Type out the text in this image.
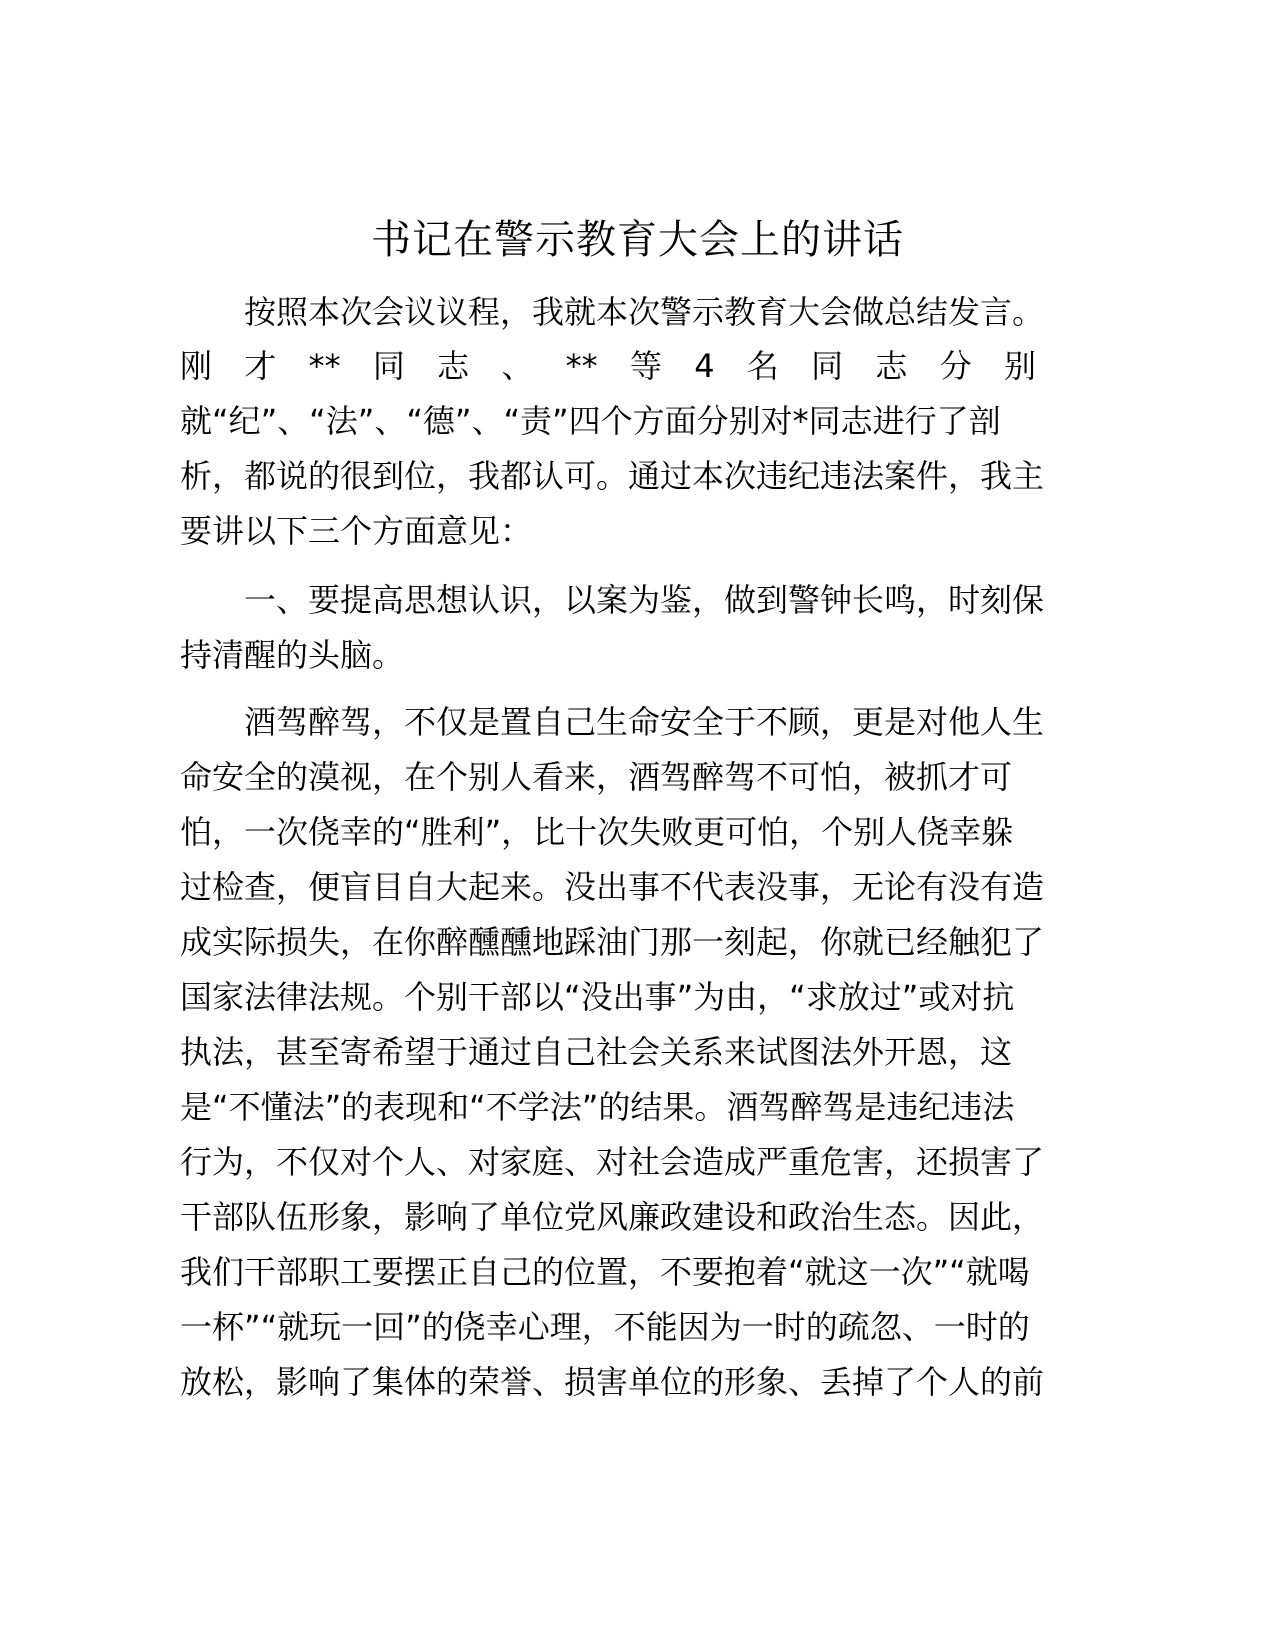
书记在警示教育大会上的讲话
按照本次会议议程，我就本次警示教育大会做总结发言。
刚 才 ** 同 志 、 ** 等 4 名 同 志 分 别
就“纪”、“法”、“德”、“责”四个方面分别对*同志进行了剖
析，都说的很到位，我都认可。通过本次违纪违法案件，我主
要讲以下三个方面意见：
一、要提高思想认识，以案为鉴，做到警钟长鸣，时刻保
持清醒的头脑。
酒驾醉驾，不仅是置自己生命安全于不顾，更是对他人生
命安全的漠视，在个别人看来，酒驾醉驾不可怕，被抓才可
怕，一次侥幸的“胜利”，比十次失败更可怕，个别人侥幸躲
过检查，便盲目自大起来。没出事不代表没事，无论有没有造
成实际损失，在你醉醺醺地踩油门那一刻起，你就已经触犯了
国家法律法规。个别干部以“没出事”为由，“求放过”或对抗
执法，甚至寄希望于通过自己社会关系来试图法外开恩，这
是“不懂法”的表现和“不学法”的结果。酒驾醉驾是违纪违法
行为，不仅对个人、对家庭、对社会造成严重危害，还损害了
干部队伍形象，影响了单位党风廉政建设和政治生态。因此，
我们干部职工要摆正自己的位置，不要抱着“就这一次”“就喝
一杯”“就玩一回”的侥幸心理，不能因为一时的疏忽、一时的
放松，影响了集体的荣誉、损害单位的形象、丢掉了个人的前
